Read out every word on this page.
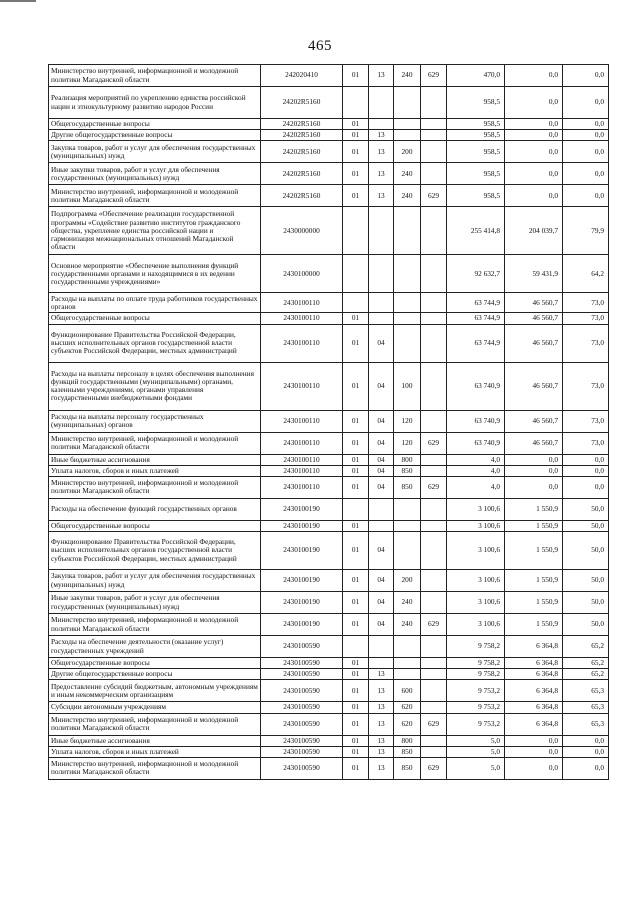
465
Министерство внутренней, информационной и молодежной политики Магаданской области	242020410	01	13	240	629	470,0	0,0	0,0
Реализация мероприятий по укреплению единства российской нации и этнокультурному развитию народов России	24202R5160					958,5	0,0	0,0
Общегосударственные вопросы	24202R5160	01				958,5	0,0	0,0
Другие общегосударственные вопросы	24202R5160	01	13			958,5	0,0	0,0
Закупка товаров, работ и услуг для обеспечения государственных (муниципальных) нужд	24202R5160	01	13	200		958,5	0,0	0,0
Иные закупки товаров, работ и услуг для обеспечения государственных (муниципальных) нужд	24202R5160	01	13	240		958,5	0,0	0,0
Министерство внутренней, информационной и молодежной политики Магаданской области	24202R5160	01	13	240	629	958,5	0,0	0,0
Подпрограмма «Обеспечение реализации государственной программы «Содействие развитию институтов гражданского общества, укрепление единства российской нации и гармонизация межнациональных отношений Магаданской области	2430000000					255 414,8	204 039,7	79,9
Основное мероприятие «Обеспечение выполнения функций государственными органами и находящимися в их ведении государственными учреждениями»	2430100000					92 632,7	59 431,9	64,2
Расходы на выплаты по оплате труда работников государственных органов	2430100110					63 744,9	46 560,7	73,0
Общегосударственные вопросы	2430100110	01				63 744,9	46 560,7	73,0
Функционирование Правительства Российской Федерации, высших исполнительных органов государственной власти субъектов Российской Федерации, местных администраций	2430100110	01	04			63 744,9	46 560,7	73,0
Расходы на выплаты персоналу в целях обеспечения выполнения функций государственными (муниципальными) органами, казенными учреждениями, органами управления государственными внебюджетными фондами	2430100110	01	04	100		63 740,9	46 560,7	73,0
Расходы на выплаты персоналу государственных (муниципальных) органов	2430100110	01	04	120		63 740,9	46 560,7	73,0
Министерство внутренней, информационной и молодежной политики Магаданской области	2430100110	01	04	120	629	63 740,9	46 560,7	73,0
Иные бюджетные ассигнования	2430100110	01	04	800		4,0	0,0	0,0
Уплата налогов, сборов и иных платежей	2430100110	01	04	850		4,0	0,0	0,0
Министерство внутренней, информационной и молодежной политики Магаданской области	2430100110	01	04	850	629	4,0	0,0	0,0
Расходы на обеспечение функций государственных органов	2430100190					3 100,6	1 550,9	50,0
Общегосударственные вопросы	2430100190	01				3 100,6	1 550,9	50,0
Функционирование Правительства Российской Федерации, высших исполнительных органов государственной власти субъектов Российской Федерации, местных администраций	2430100190	01	04			3 100,6	1 550,9	50,0
Закупка товаров, работ и услуг для обеспечения государственных (муниципальных) нужд	2430100190	01	04	200		3 100,6	1 550,9	50,0
Иные закупки товаров, работ и услуг для обеспечения государственных (муниципальных) нужд	2430100190	01	04	240		3 100,6	1 550,9	50,0
Министерство внутренней, информационной и молодежной политики Магаданской области	2430100190	01	04	240	629	3 100,6	1 550,9	50,0
Расходы на обеспечение деятельности (оказание услуг) государственных учреждений	2430100590					9 758,2	6 364,8	65,2
Общегосударственные вопросы	2430100590	01				9 758,2	6 364,8	65,2
Другие общегосударственные вопросы	2430100590	01	13			9 758,2	6 364,8	65,2
Предоставление субсидий бюджетным, автономным учреждениям и иным некоммерческим организациям	2430100590	01	13	600		9 753,2	6 364,8	65,3
Субсидии автономным учреждениям	2430100590	01	13	620		9 753,2	6 364,8	65,3
Министерство внутренней, информационной и молодежной политики Магаданской области	2430100590	01	13	620	629	9 753,2	6 364,8	65,3
Иные бюджетные ассигнования	2430100590	01	13	800		5,0	0,0	0,0
Уплата налогов, сборов и иных платежей	2430100590	01	13	850		5,0	0,0	0,0
Министерство внутренней, информационной и молодежной политики Магаданской области	2430100590	01	13	850	629	5,0	0,0	0,0
